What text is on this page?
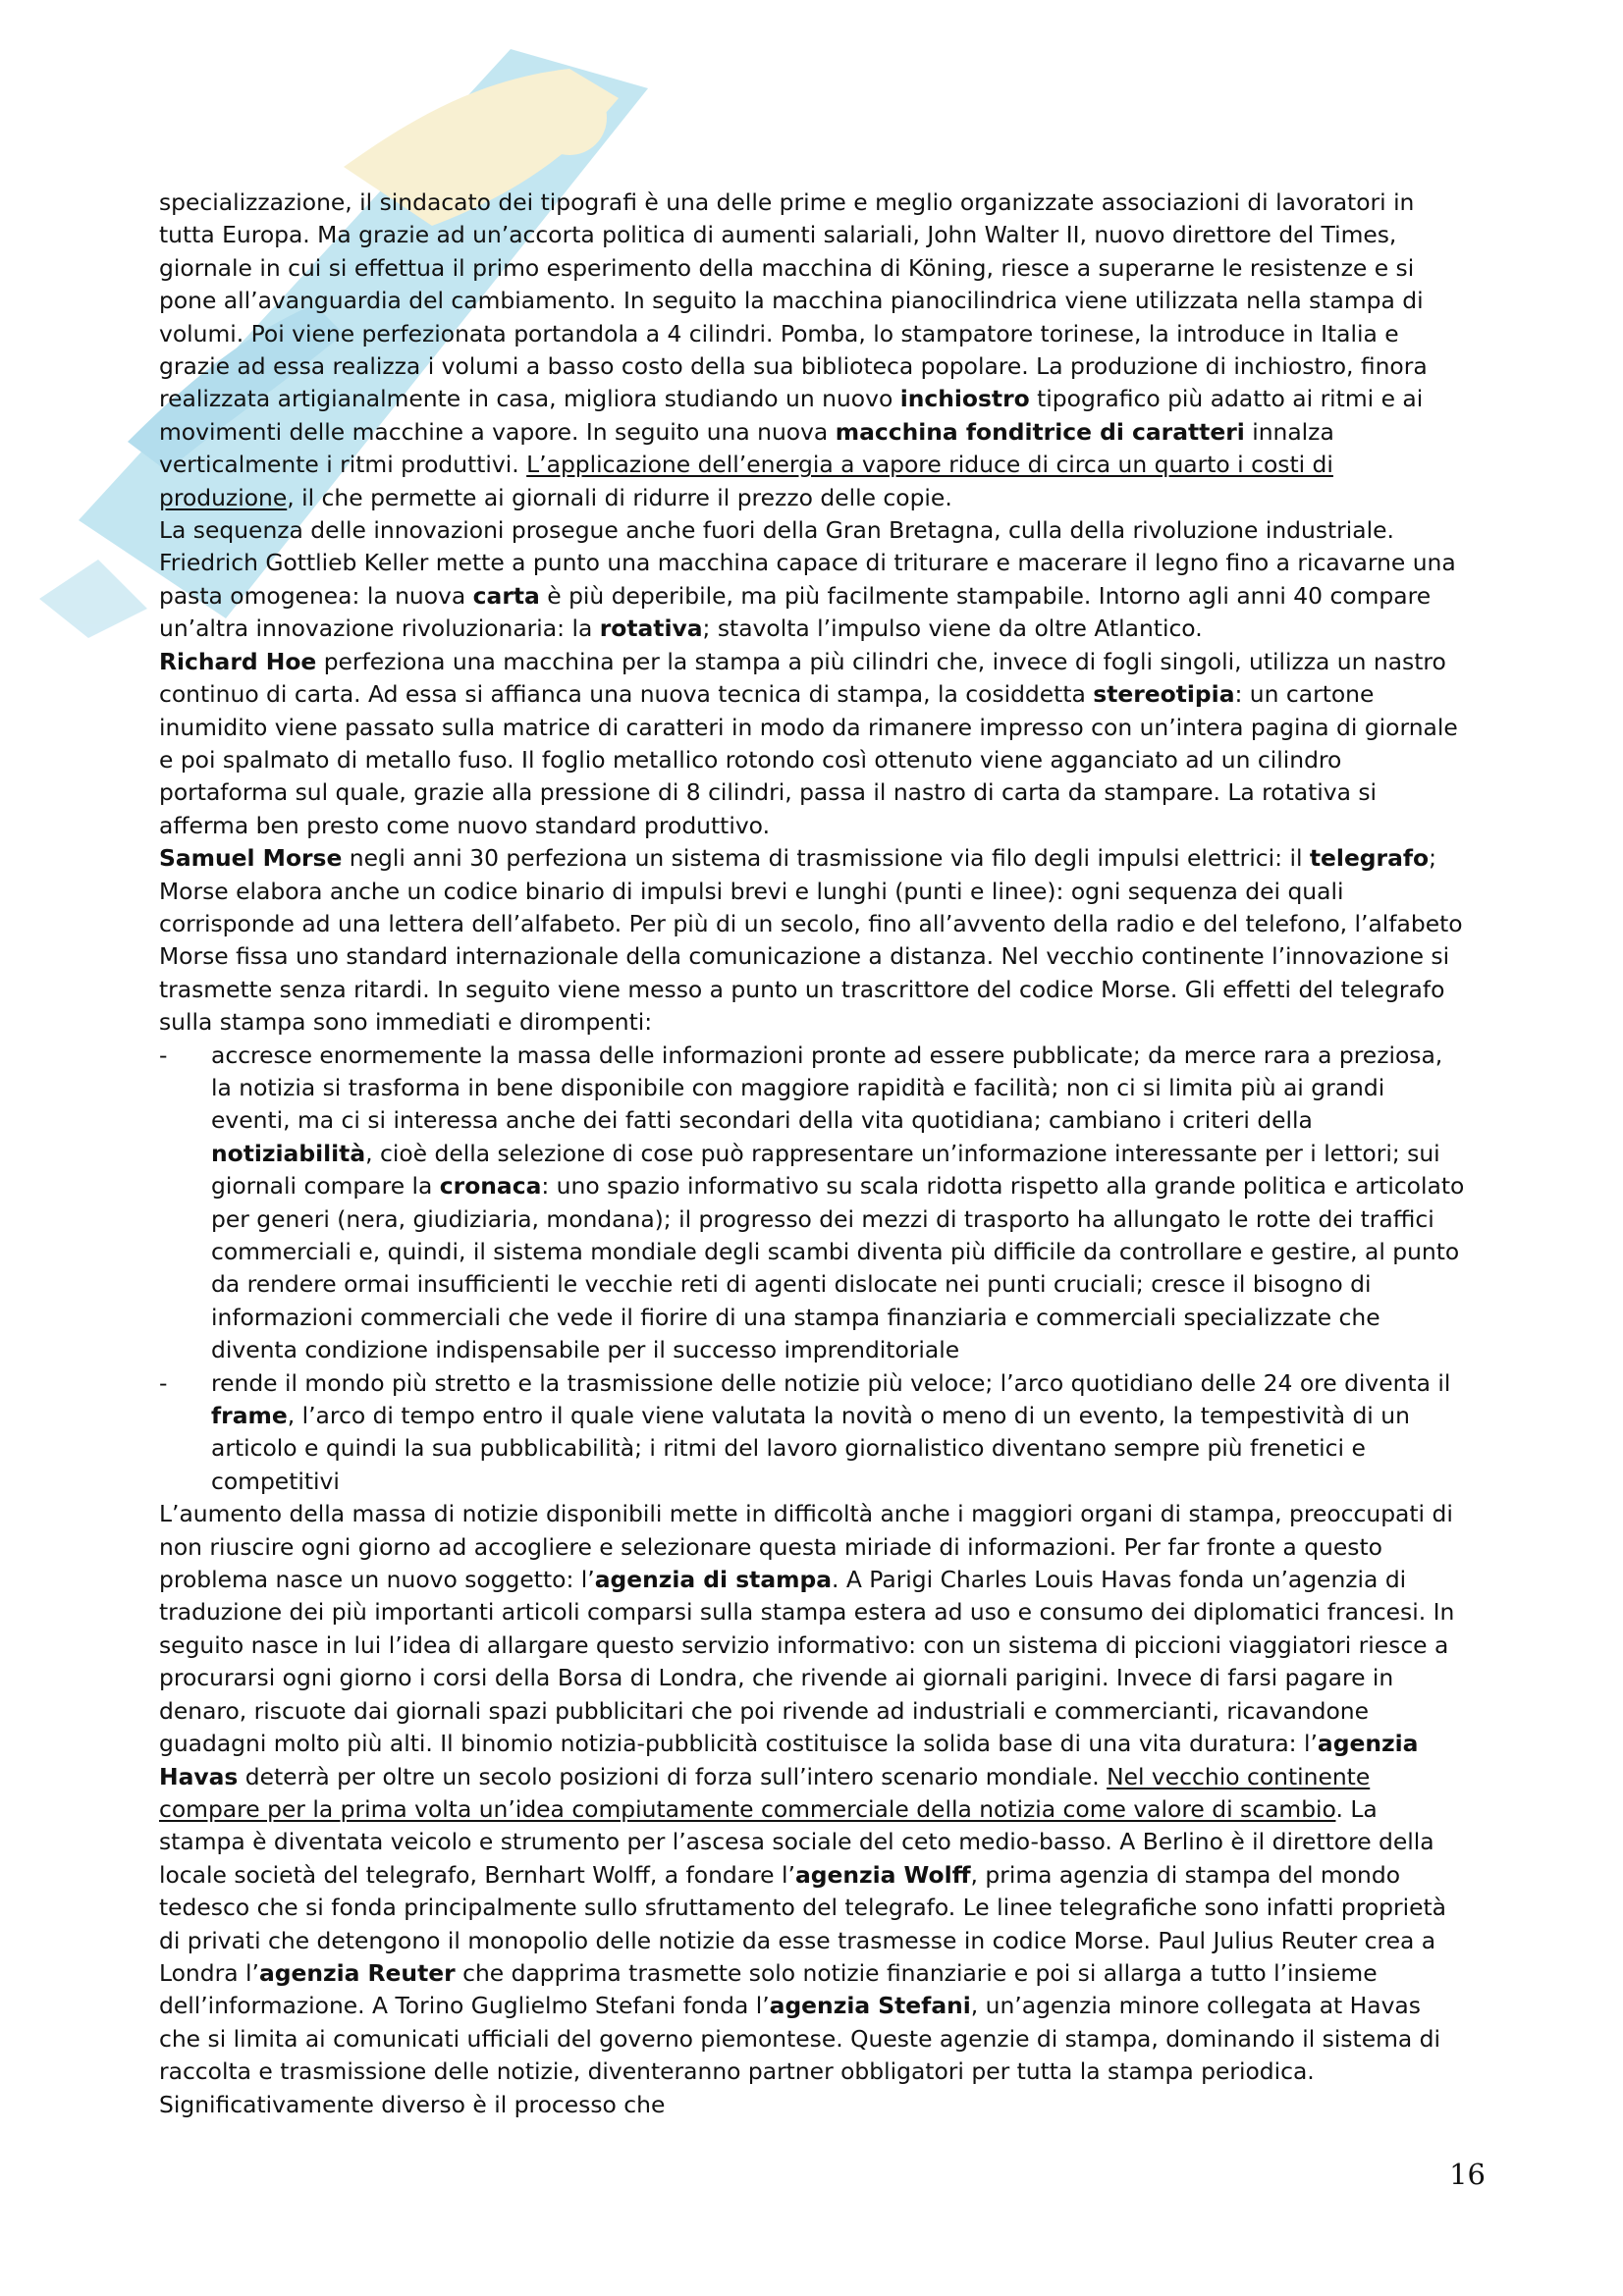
specializzazione, il sindacato dei tipografi è una delle prime e meglio organizzate associazioni di lavoratori in tutta Europa. Ma grazie ad un’accorta politica di aumenti salariali, John Walter II, nuovo direttore del Times, giornale in cui si effettua il primo esperimento della macchina di Köning, riesce a superarne le resistenze e si pone all’avanguardia del cambiamento. In seguito la macchina pianocilindrica viene utilizzata nella stampa di volumi. Poi viene perfezionata portandola a 4 cilindri. Pomba, lo stampatore torinese, la introduce in Italia e grazie ad essa realizza i volumi a basso costo della sua biblioteca popolare. La produzione di inchiostro, finora realizzata artigianalmente in casa, migliora studiando un nuovo inchiostro tipografico più adatto ai ritmi e ai movimenti delle macchine a vapore. In seguito una nuova macchina fonditrice di caratteri innalza verticalmente i ritmi produttivi. L’applicazione dell’energia a vapore riduce di circa un quarto i costi di produzione, il che permette ai giornali di ridurre il prezzo delle copie.

La sequenza delle innovazioni prosegue anche fuori della Gran Bretagna, culla della rivoluzione industriale. Friedrich Gottlieb Keller mette a punto una macchina capace di triturare e macerare il legno fino a ricavarne una pasta omogenea: la nuova carta è più deperibile, ma più facilmente stampabile. Intorno agli anni 40 compare un’altra innovazione rivoluzionaria: la rotativa; stavolta l’impulso viene da oltre Atlantico.

Richard Hoe perfeziona una macchina per la stampa a più cilindri che, invece di fogli singoli, utilizza un nastro continuo di carta. Ad essa si affianca una nuova tecnica di stampa, la cosiddetta stereotipia: un cartone inumidito viene passato sulla matrice di caratteri in modo da rimanere impresso con un’intera pagina di giornale e poi spalmato di metallo fuso. Il foglio metallico rotondo così ottenuto viene agganciato ad un cilindro portaforma sul quale, grazie alla pressione di 8 cilindri, passa il nastro di carta da stampare. La rotativa si afferma ben presto come nuovo standard produttivo.

Samuel Morse negli anni 30 perfeziona un sistema di trasmissione via filo degli impulsi elettrici: il telegrafo; Morse elabora anche un codice binario di impulsi brevi e lunghi (punti e linee): ogni sequenza dei quali corrisponde ad una lettera dell’alfabeto. Per più di un secolo, fino all’avvento della radio e del telefono, l’alfabeto Morse fissa uno standard internazionale della comunicazione a distanza. Nel vecchio continente l’innovazione si trasmette senza ritardi. In seguito viene messo a punto un trascrittore del codice Morse. Gli effetti del telegrafo sulla stampa sono immediati e dirompenti:

- accresce enormemente la massa delle informazioni pronte ad essere pubblicate; da merce rara a preziosa, la notizia si trasforma in bene disponibile con maggiore rapidità e facilità; non ci si limita più ai grandi eventi, ma ci si interessa anche dei fatti secondari della vita quotidiana; cambiano i criteri della notiziabilità, cioè della selezione di cose può rappresentare un’informazione interessante per i lettori; sui giornali compare la cronaca: uno spazio informativo su scala ridotta rispetto alla grande politica e articolato per generi (nera, giudiziaria, mondana); il progresso dei mezzi di trasporto ha allungato le rotte dei traffici commerciali e, quindi, il sistema mondiale degli scambi diventa più difficile da controllare e gestire, al punto da rendere ormai insufficienti le vecchie reti di agenti dislocate nei punti cruciali; cresce il bisogno di informazioni commerciali che vede il fiorire di una stampa finanziaria e commerciali specializzate che diventa condizione indispensabile per il successo imprenditoriale
- rende il mondo più stretto e la trasmissione delle notizie più veloce; l’arco quotidiano delle 24 ore diventa il frame, l’arco di tempo entro il quale viene valutata la novità o meno di un evento, la tempestività di un articolo e quindi la sua pubblicabilità; i ritmi del lavoro giornalistico diventano sempre più frenetici e competitivi

L’aumento della massa di notizie disponibili mette in difficoltà anche i maggiori organi di stampa, preoccupati di non riuscire ogni giorno ad accogliere e selezionare questa miriade di informazioni. Per far fronte a questo problema nasce un nuovo soggetto: l’agenzia di stampa. A Parigi Charles Louis Havas fonda un’agenzia di traduzione dei più importanti articoli comparsi sulla stampa estera ad uso e consumo dei diplomatici francesi. In seguito nasce in lui l’idea di allargare questo servizio informativo: con un sistema di piccioni viaggiatori riesce a procurarsi ogni giorno i corsi della Borsa di Londra, che rivende ai giornali parigini. Invece di farsi pagare in denaro, riscuote dai giornali spazi pubblicitari che poi rivende ad industriali e commercianti, ricavandone guadagni molto più alti. Il binomio notizia-pubblicità costituisce la solida base di una vita duratura: l’agenzia Havas deterrà per oltre un secolo posizioni di forza sull’intero scenario mondiale. Nel vecchio continente compare per la prima volta un’idea compiutamente commerciale della notizia come valore di scambio. La stampa è diventata veicolo e strumento per l’ascesa sociale del ceto medio-basso. A Berlino è il direttore della locale società del telegrafo, Bernhart Wolff, a fondare l’agenzia Wolff, prima agenzia di stampa del mondo tedesco che si fonda principalmente sullo sfruttamento del telegrafo. Le linee telegrafiche sono infatti proprietà di privati che detengono il monopolio delle notizie da esse trasmesse in codice Morse. Paul Julius Reuter crea a Londra l’agenzia Reuter che dapprima trasmette solo notizie finanziarie e poi si allarga a tutto l’insieme dell’informazione. A Torino Guglielmo Stefani fonda l’agenzia Stefani, un’agenzia minore collegata at Havas che si limita ai comunicati ufficiali del governo piemontese. Queste agenzie di stampa, dominando il sistema di raccolta e trasmissione delle notizie, diventeranno partner obbligatori per tutta la stampa periodica. Significativamente diverso è il processo che

16
